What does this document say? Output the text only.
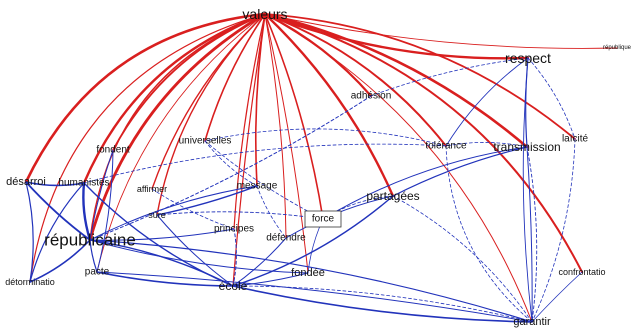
valeurs
respect
république
adhésion
fondent
universelles	tolérance transmission
laïcité
désarroi humanistes
affirmer	message
partagées
sûre	force
républicaine
principes
défendre
pacte	fondée
détorminatio	école
confrontatio
garantir
